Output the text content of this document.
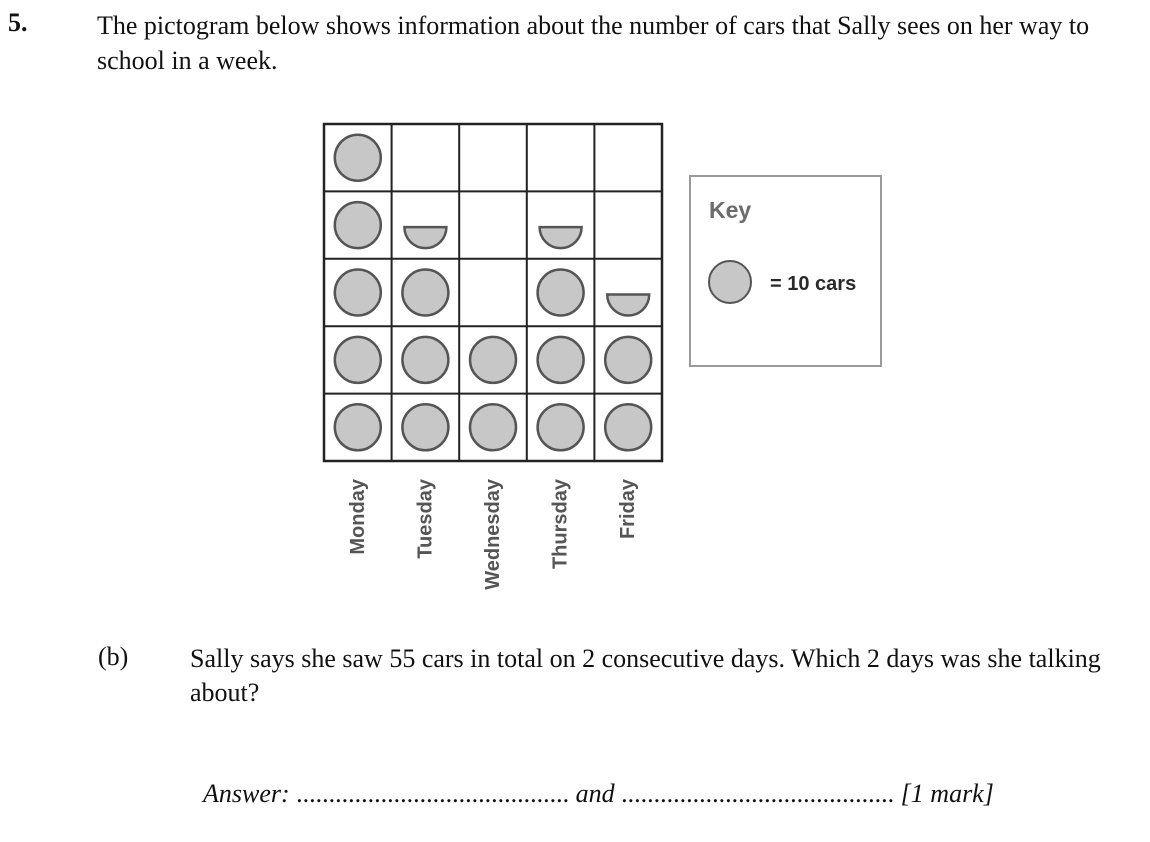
5.	The pictogram below shows information about the number of cars that Sally sees on her way to school in a week.
Monday Tuesday Wednesday Thursday Friday
Key
= 10 cars
(b) Sally says she saw 55 cars in total on 2 consecutive days. Which 2 days was she talking about?
Answer: .......................................... and .......................................... [1 mark]
